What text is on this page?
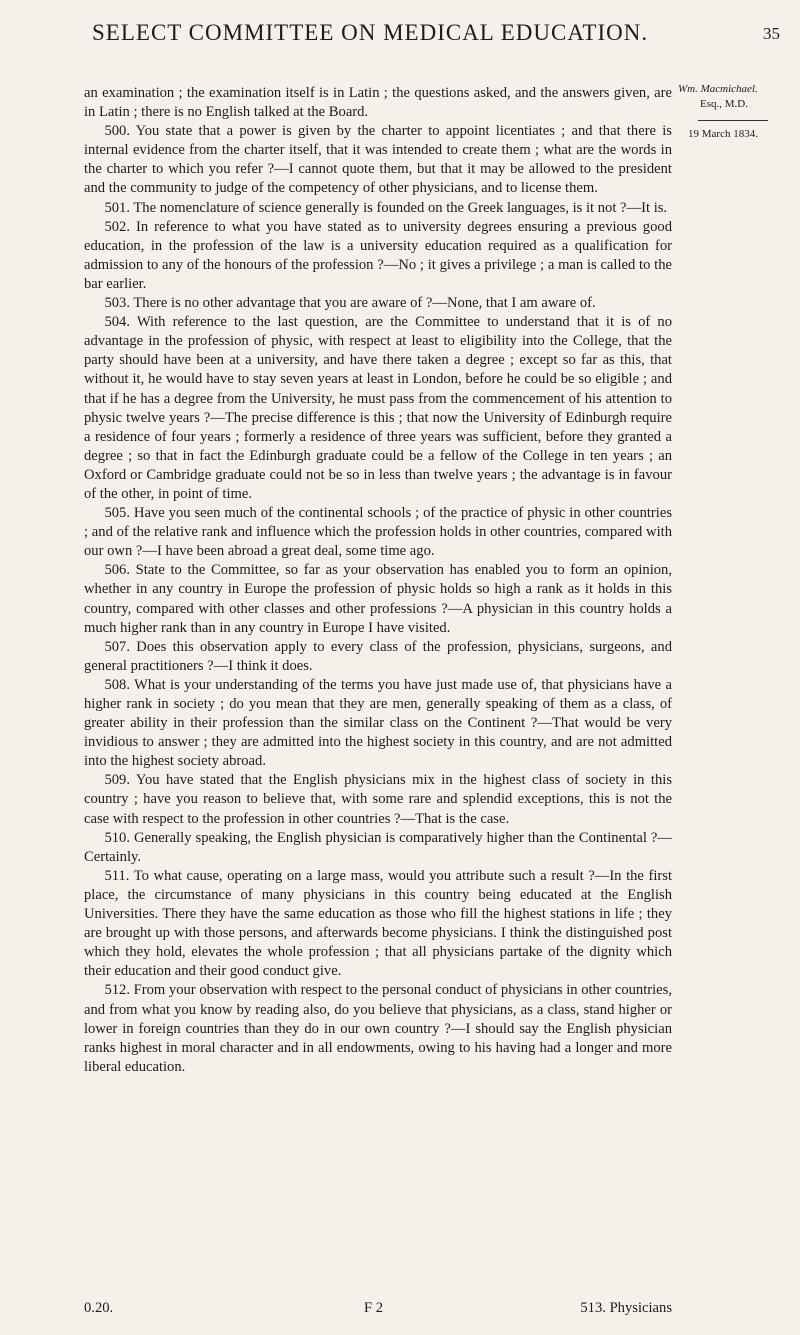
SELECT COMMITTEE ON MEDICAL EDUCATION.	35
Wm. Macmichael.
Esq., M.D.
19 March 1834.

an examination ; the examination itself is in Latin ; the questions asked, and the answers given, are in Latin ; there is no English talked at the Board.

500. You state that a power is given by the charter to appoint licentiates ; and that there is internal evidence from the charter itself, that it was intended to create them ; what are the words in the charter to which you refer ?—I cannot quote them, but that it may be allowed to the president and the community to judge of the competency of other physicians, and to license them.

501. The nomenclature of science generally is founded on the Greek languages, is it not ?—It is.

502. In reference to what you have stated as to university degrees ensuring a previous good education, in the profession of the law is a university education required as a qualification for admission to any of the honours of the profession ?—No ; it gives a privilege ; a man is called to the bar earlier.

503. There is no other advantage that you are aware of ?—None, that I am aware of.

504. With reference to the last question, are the Committee to understand that it is of no advantage in the profession of physic, with respect at least to eligibility into the College, that the party should have been at a university, and have there taken a degree ; except so far as this, that without it, he would have to stay seven years at least in London, before he could be so eligible ; and that if he has a degree from the University, he must pass from the commencement of his attention to physic twelve years ?—The precise difference is this ; that now the University of Edinburgh require a residence of four years ; formerly a residence of three years was sufficient, before they granted a degree ; so that in fact the Edinburgh graduate could be a fellow of the College in ten years ; an Oxford or Cambridge graduate could not be so in less than twelve years ; the advantage is in favour of the other, in point of time.

505. Have you seen much of the continental schools ; of the practice of physic in other countries ; and of the relative rank and influence which the profession holds in other countries, compared with our own ?—I have been abroad a great deal, some time ago.

506. State to the Committee, so far as your observation has enabled you to form an opinion, whether in any country in Europe the profession of physic holds so high a rank as it holds in this country, compared with other classes and other professions ?—A physician in this country holds a much higher rank than in any country in Europe I have visited.

507. Does this observation apply to every class of the profession, physicians, surgeons, and general practitioners ?—I think it does.

508. What is your understanding of the terms you have just made use of, that physicians have a higher rank in society ; do you mean that they are men, generally speaking of them as a class, of greater ability in their profession than the similar class on the Continent ?—That would be very invidious to answer ; they are admitted into the highest society in this country, and are not admitted into the highest society abroad.

509. You have stated that the English physicians mix in the highest class of society in this country ; have you reason to believe that, with some rare and splendid exceptions, this is not the case with respect to the profession in other countries ?—That is the case.

510. Generally speaking, the English physician is comparatively higher than the Continental ?—Certainly.

511. To what cause, operating on a large mass, would you attribute such a result ?—In the first place, the circumstance of many physicians in this country being educated at the English Universities. There they have the same education as those who fill the highest stations in life ; they are brought up with those persons, and afterwards become physicians. I think the distinguished post which they hold, elevates the whole profession ; that all physicians partake of the dignity which their education and their good conduct give.

512. From your observation with respect to the personal conduct of physicians in other countries, and from what you know by reading also, do you believe that physicians, as a class, stand higher or lower in foreign countries than they do in our own country ?—I should say the English physician ranks highest in moral character and in all endowments, owing to his having had a longer and more liberal education.

0.20.	F 2	513. Physicians
